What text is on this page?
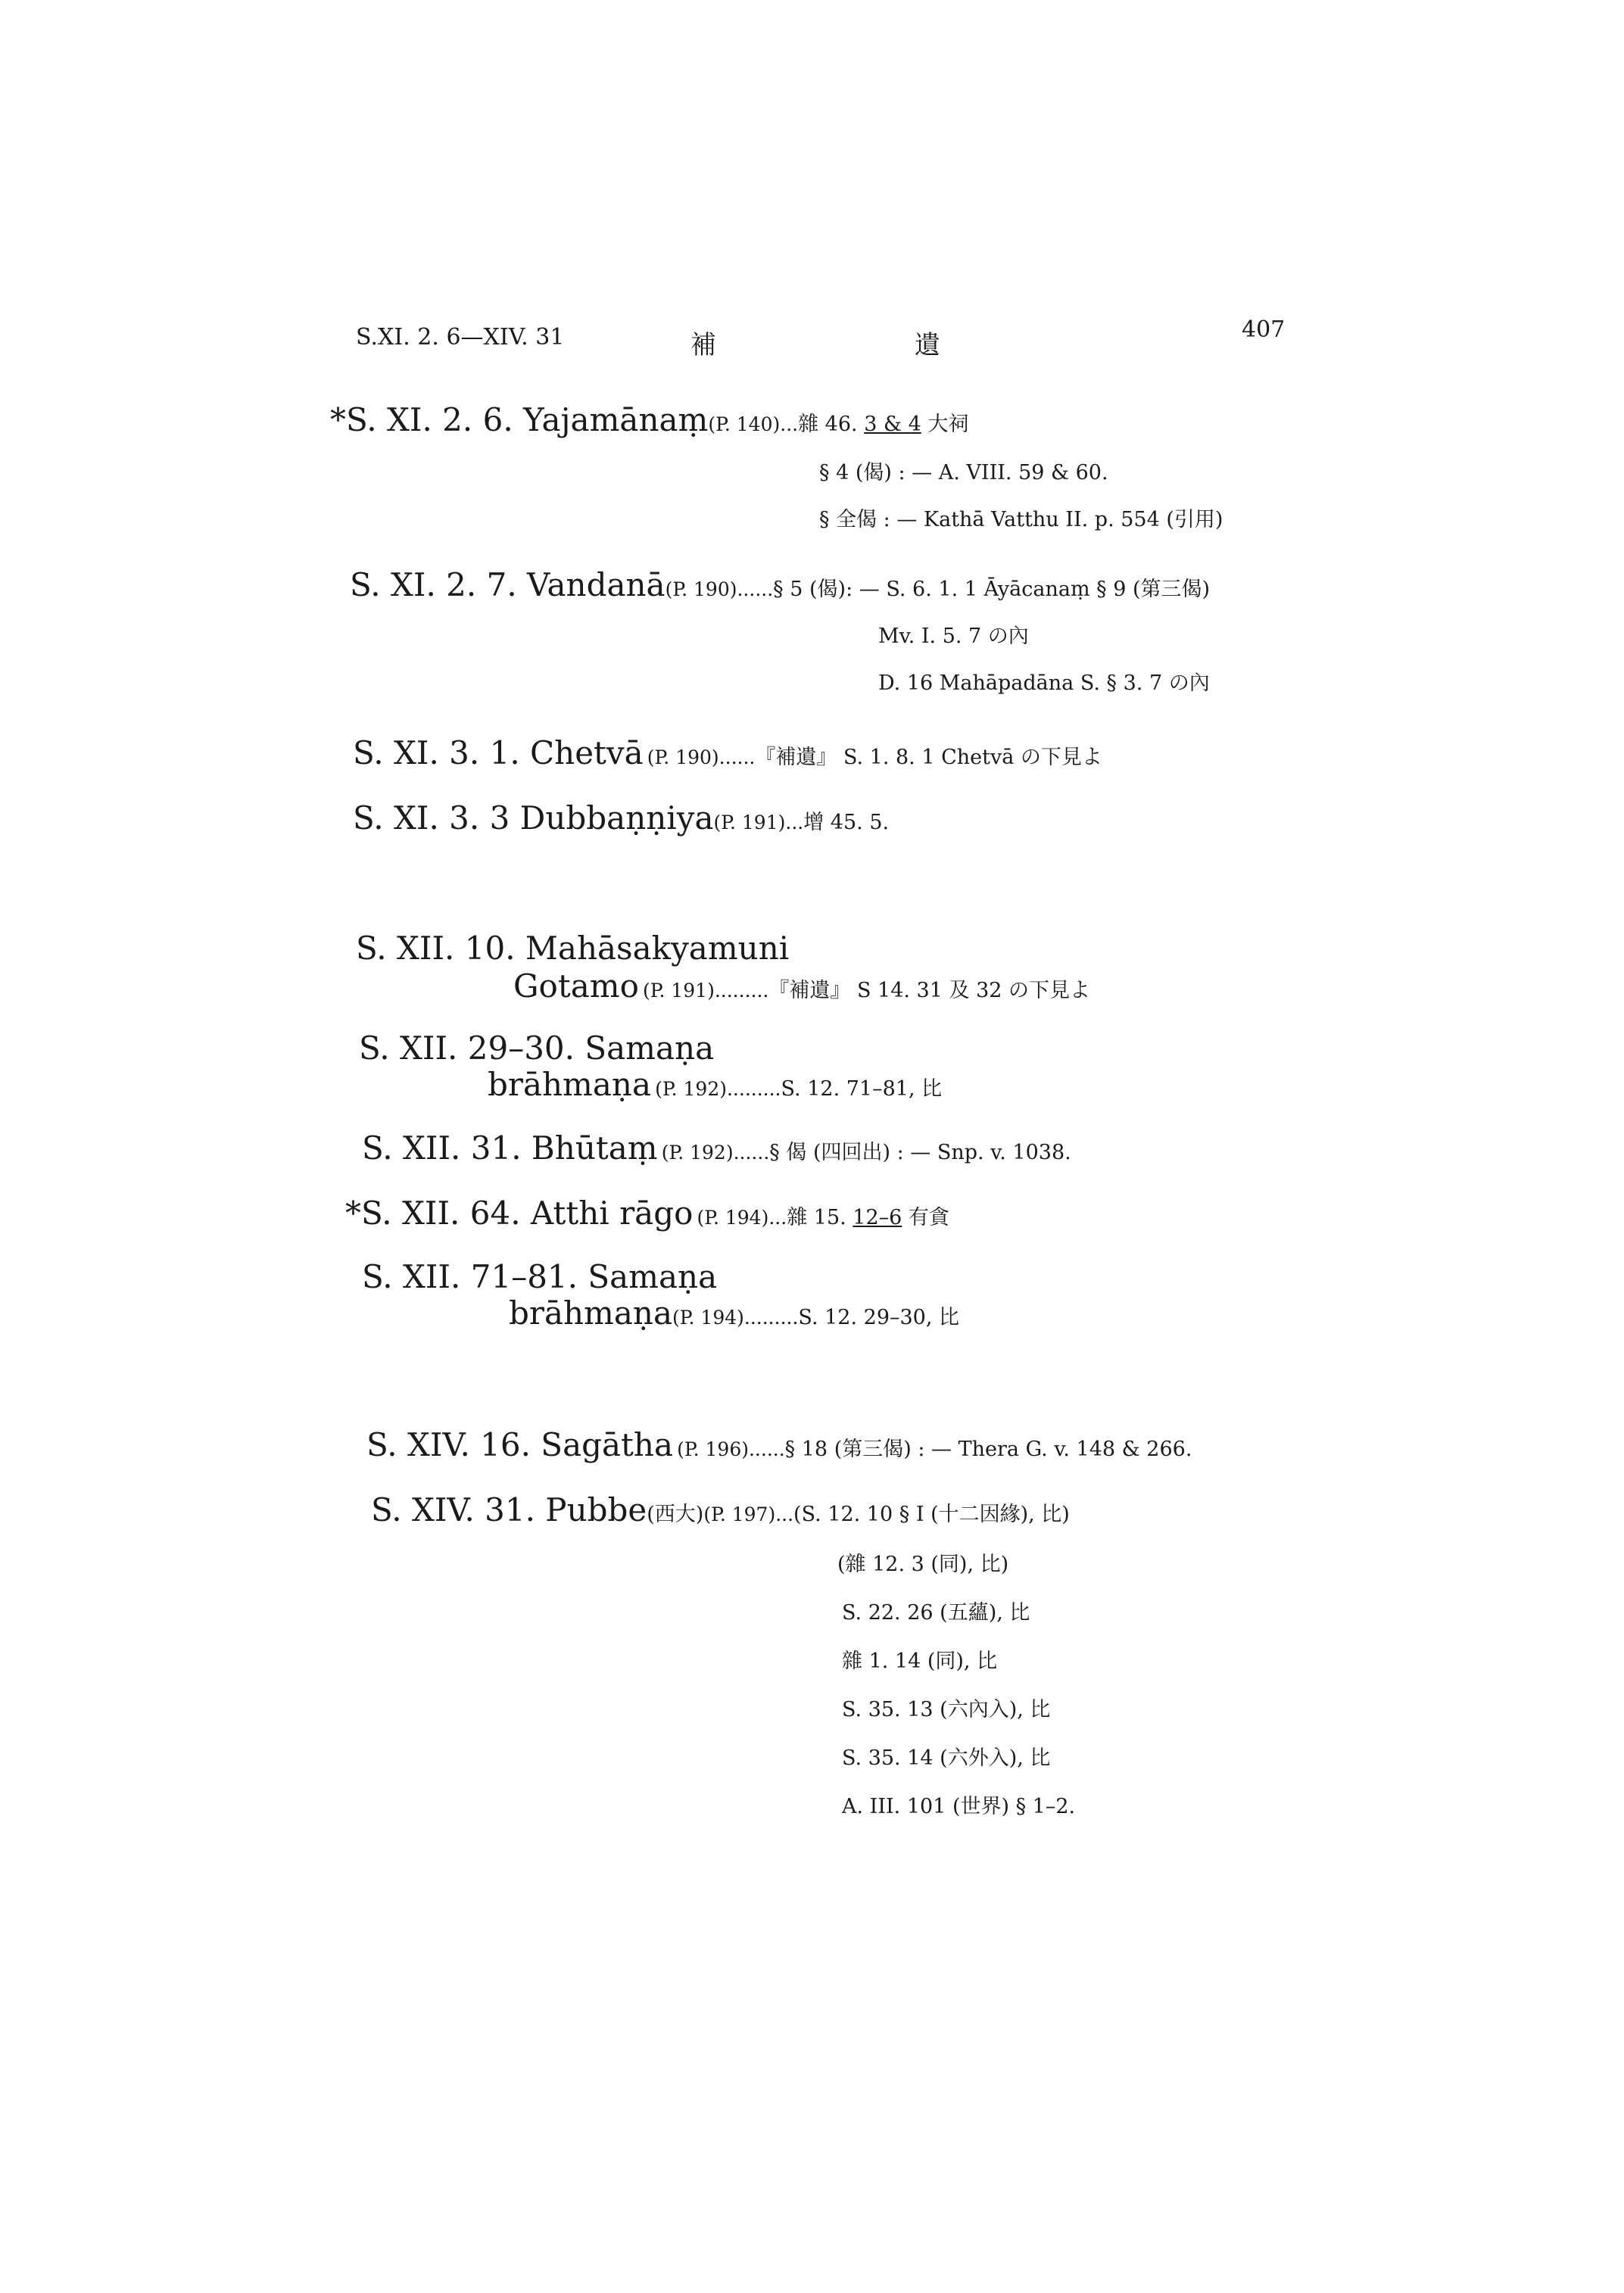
S.XI. 2. 6—XIV. 31	補	遺
407
*S. XI. 2. 6. Yajamānaṃ(P. 140)...雜 46. 3 & 4 大祠
§ 4 (偈) : — A. VIII. 59 & 60.
§ 全偈 : — Kathā Vatthu II. p. 554 (引用)
S. XI. 2. 7. Vandanā(P. 190)......§ 5 (偈): — S. 6. 1. 1 Āyācanaṃ § 9 (第三偈)
Mv. I. 5. 7 の內
D. 16 Mahāpadāna S. § 3. 7 の內
S. XI. 3. 1. Chetvā (P. 190)......『補遺』 S. 1. 8. 1 Chetvā の下見よ
S. XI. 3. 3 Dubbaṇṇiya(P. 191)...增 45. 5.
S. XII. 10. Mahāsakyamuni
Gotamo (P. 191).........『補遺』 S 14. 31 及 32 の下見よ
S. XII. 29–30. Samaṇa
brāhmaṇa (P. 192).........S. 12. 71–81, 比
S. XII. 31. Bhūtaṃ (P. 192)......§ 偈 (四回出) : — Snp. v. 1038.
*S. XII. 64. Atthi rāgo (P. 194)...雜 15. 12–6 有貪
S. XII. 71–81. Samaṇa
brāhmaṇa(P. 194).........S. 12. 29–30, 比
S. XIV. 16. Sagātha (P. 196)......§ 18 (第三偈) : — Thera G. v. 148 & 266.
S. XIV. 31. Pubbe(西大)(P. 197)...(S. 12. 10 § I (十二因緣), 比)
(雜 12. 3 (同), 比)
S. 22. 26 (五蘊), 比
雜 1. 14 (同), 比
S. 35. 13 (六內入), 比
S. 35. 14 (六外入), 比
A. III. 101 (世界) § 1–2.
